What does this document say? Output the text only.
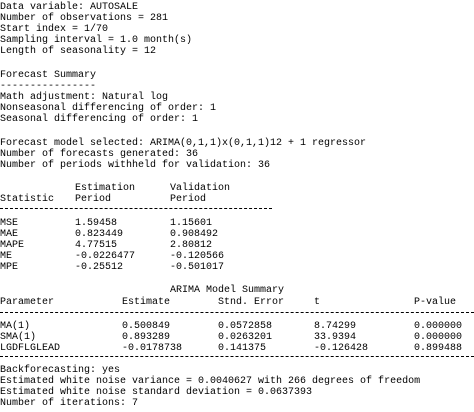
Data variable: AUTOSALE
Number of observations = 281
Start index = 1/70
Sampling interval = 1.0 month(s)
Length of seasonality = 12
Forecast Summary
----------------
Math adjustment: Natural log
Nonseasonal differencing of order: 1
Seasonal differencing of order: 1
Forecast model selected: ARIMA(0,1,1)x(0,1,1)12 + 1 regressor
Number of forecasts generated: 36
Number of periods withheld for validation: 36
Estimation	Validation
Statistic Period	Period
MSE	1.59458	1.15601
MAE	0.823449	0.908492
MAPE	4.77515	2.80812
ME	-0.0226477	-0.120566
MPE	-0.25512	-0.501017
ARIMA Model Summary
Parameter	Estimate	Stnd. Error	t	P-value
MA(1)	0.500849	0.0572858	8.74299	0.000000
SMA(1)	0.893289	0.0263201	33.9394	0.000000
LGDFLGLEAD	-0.0178738	0.141375	-0.126428	0.899488
Backforecasting: yes
Estimated white noise variance = 0.0040627 with 266 degrees of freedom
Estimated white noise standard deviation = 0.0637393
Number of iterations: 7
